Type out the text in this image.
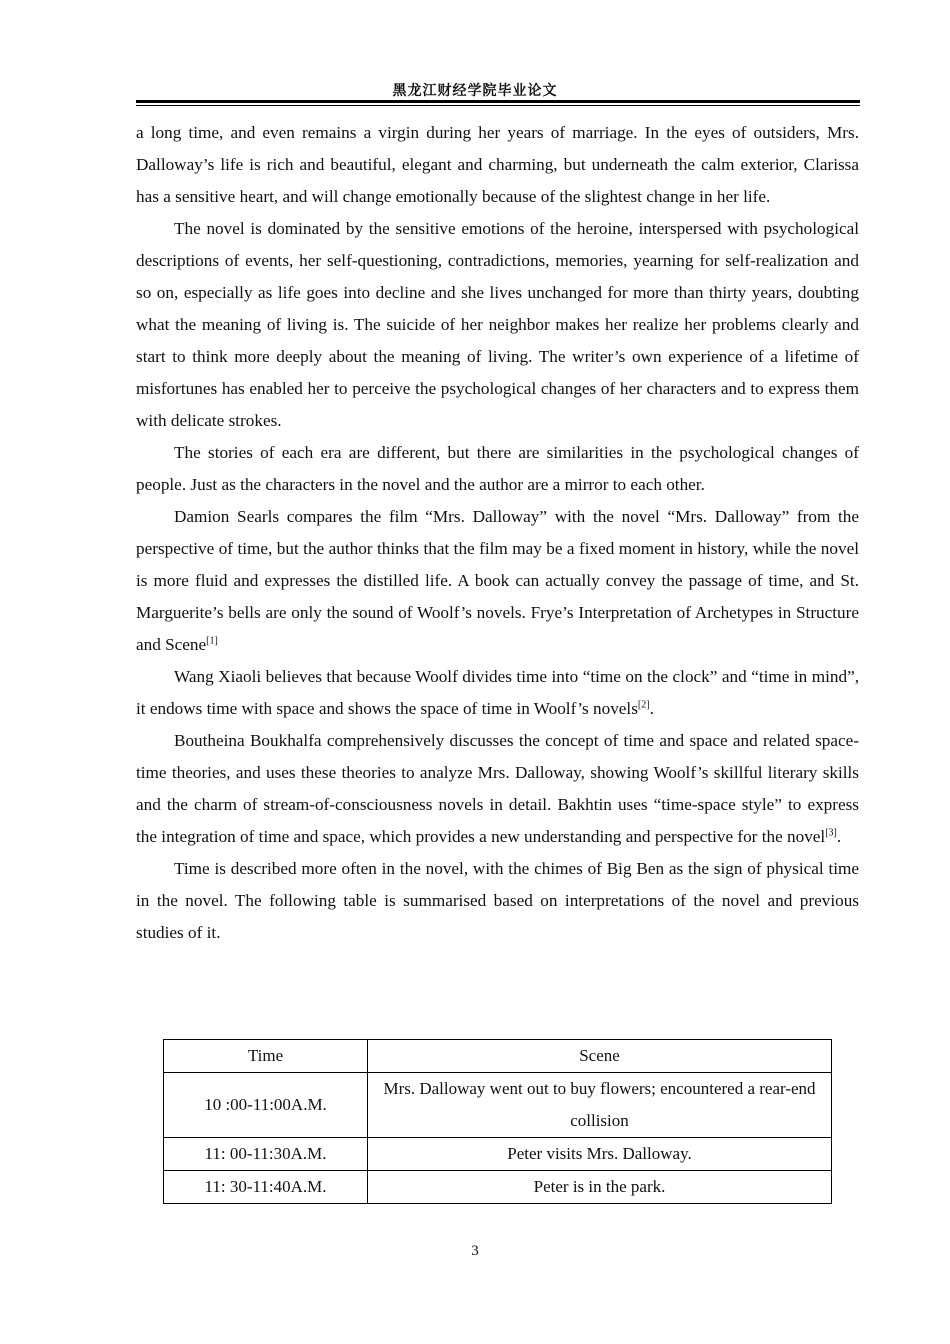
黑龙江财经学院毕业论文

a long time, and even remains a virgin during her years of marriage. In the eyes of outsiders, Mrs. Dalloway’s life is rich and beautiful, elegant and charming, but underneath the calm exterior, Clarissa has a sensitive heart, and will change emotionally because of the slightest change in her life.

The novel is dominated by the sensitive emotions of the heroine, interspersed with psychological descriptions of events, her self-questioning, contradictions, memories, yearning for self-realization and so on, especially as life goes into decline and she lives unchanged for more than thirty years, doubting what the meaning of living is. The suicide of her neighbor makes her realize her problems clearly and start to think more deeply about the meaning of living. The writer’s own experience of a lifetime of misfortunes has enabled her to perceive the psychological changes of her characters and to express them with delicate strokes.

The stories of each era are different, but there are similarities in the psychological changes of people. Just as the characters in the novel and the author are a mirror to each other.

Damion Searls compares the film “Mrs. Dalloway” with the novel “Mrs. Dalloway” from the perspective of time, but the author thinks that the film may be a fixed moment in history, while the novel is more fluid and expresses the distilled life. A book can actually convey the passage of time, and St. Marguerite’s bells are only the sound of Woolf’s novels. Frye’s Interpretation of Archetypes in Structure and Scene[1]

Wang Xiaoli believes that because Woolf divides time into “time on the clock” and “time in mind”, it endows time with space and shows the space of time in Woolf’s novels[2].

Boutheina Boukhalfa comprehensively discusses the concept of time and space and related space-time theories, and uses these theories to analyze Mrs. Dalloway, showing Woolf’s skillful literary skills and the charm of stream-of-consciousness novels in detail. Bakhtin uses “time-space style” to express the integration of time and space, which provides a new understanding and perspective for the novel[3].

Time is described more often in the novel, with the chimes of Big Ben as the sign of physical time in the novel. The following table is summarised based on interpretations of the novel and previous studies of it.

Time	Scene
10 :00-11:00A.M.	Mrs. Dalloway went out to buy flowers; encountered a rear-end collision
11: 00-11:30A.M.	Peter visits Mrs. Dalloway.
11: 30-11:40A.M.	Peter is in the park.
3
